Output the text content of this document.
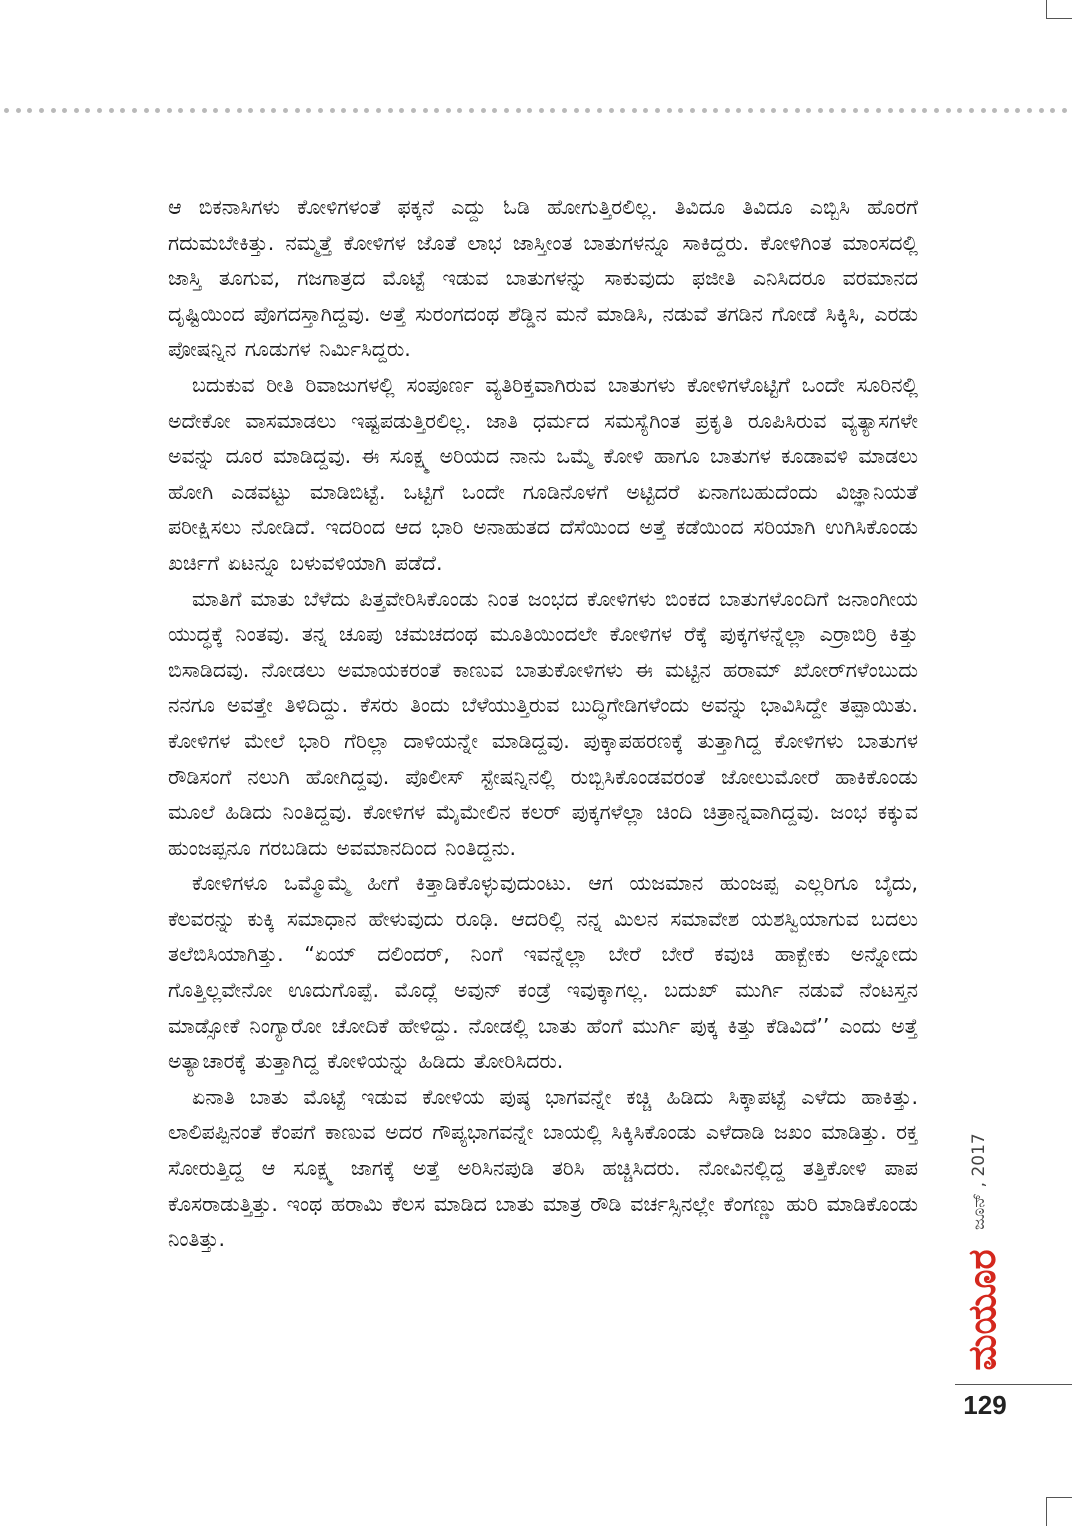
ಆ ಬಿಕನಾಸಿಗಳು ಕೋಳಿಗಳಂತೆ ಫಕ್ಕನೆ ಎದ್ದು ಓಡಿ ಹೋಗುತ್ತಿರಲಿಲ್ಲ. ತಿವಿದೂ ತಿವಿದೂ ಎಬ್ಬಿಸಿ ಹೊರಗೆ ಗದುಮಬೇಕಿತ್ತು. ನಮ್ಮತ್ತೆ ಕೋಳಿಗಳ ಜೊತೆ ಲಾಭ ಜಾಸ್ತೀಂತ ಬಾತುಗಳನ್ನೂ ಸಾಕಿದ್ದರು. ಕೋಳಿಗಿಂತ ಮಾಂಸದಲ್ಲಿ ಜಾಸ್ತಿ ತೂಗುವ, ಗಜಗಾತ್ರದ ಮೊಟ್ಟೆ ಇಡುವ ಬಾತುಗಳನ್ನು ಸಾಕುವುದು ಫಜೀತಿ ಎನಿಸಿದರೂ ವರಮಾನದ ದೃಷ್ಟಿಯಿಂದ ಪೊಗದಸ್ತಾಗಿದ್ದವು. ಅತ್ತೆ ಸುರಂಗದಂಥ ಶೆಡ್ಡಿನ ಮನೆ ಮಾಡಿಸಿ, ನಡುವೆ ತಗಡಿನ ಗೋಡೆ ಸಿಕ್ಕಿಸಿ, ಎರಡು ಪೋಷನ್ನಿನ ಗೂಡುಗಳ ನಿರ್ಮಿಸಿದ್ದರು.

ಬದುಕುವ ರೀತಿ ರಿವಾಜುಗಳಲ್ಲಿ ಸಂಪೂರ್ಣ ವ್ಯತಿರಿಕ್ತವಾಗಿರುವ ಬಾತುಗಳು ಕೋಳಿಗಳೊಟ್ಟಿಗೆ ಒಂದೇ ಸೂರಿನಲ್ಲಿ ಅದೇಕೋ ವಾಸಮಾಡಲು ಇಷ್ಟಪಡುತ್ತಿರಲಿಲ್ಲ. ಜಾತಿ ಧರ್ಮದ ಸಮಸ್ಯೆಗಿಂತ ಪ್ರಕೃತಿ ರೂಪಿಸಿರುವ ವ್ಯತ್ಯಾಸಗಳೇ ಅವನ್ನು ದೂರ ಮಾಡಿದ್ದವು. ಈ ಸೂಕ್ಷ್ಮ ಅರಿಯದ ನಾನು ಒಮ್ಮೆ ಕೋಳಿ ಹಾಗೂ ಬಾತುಗಳ ಕೂಡಾವಳಿ ಮಾಡಲು ಹೋಗಿ ಎಡವಟ್ಟು ಮಾಡಿಬಿಟ್ಟೆ. ಒಟ್ಟಿಗೆ ಒಂದೇ ಗೂಡಿನೊಳಗೆ ಅಟ್ಟಿದರೆ ಏನಾಗಬಹುದೆಂದು ವಿಜ್ಞಾನಿಯತೆ ಪರೀಕ್ಷಿಸಲು ನೋಡಿದೆ. ಇದರಿಂದ ಆದ ಭಾರಿ ಅನಾಹುತದ ದೆಸೆಯಿಂದ ಅತ್ತೆ ಕಡೆಯಿಂದ ಸರಿಯಾಗಿ ಉಗಿಸಿಕೊಂಡು ಖರ್ಚಿಗೆ ಏಟನ್ನೂ ಬಳುವಳಿಯಾಗಿ ಪಡೆದೆ.

ಮಾತಿಗೆ ಮಾತು ಬೆಳೆದು ಪಿತ್ತವೇರಿಸಿಕೊಂಡು ನಿಂತ ಜಂಭದ ಕೋಳಿಗಳು ಬಿಂಕದ ಬಾತುಗಳೊಂದಿಗೆ ಜನಾಂಗೀಯ ಯುದ್ಧಕ್ಕೆ ನಿಂತವು. ತನ್ನ ಚೂಪು ಚಮಚದಂಥ ಮೂತಿಯಿಂದಲೇ ಕೋಳಿಗಳ ರೆಕ್ಕೆ ಪುಕ್ಕಗಳನ್ನೆಲ್ಲಾ ಎರ್ರಾಬಿರ್ರಿ ಕಿತ್ತು ಬಿಸಾಡಿದವು. ನೋಡಲು ಅಮಾಯಕರಂತೆ ಕಾಣುವ ಬಾತುಕೋಳಿಗಳು ಈ ಮಟ್ಟಿನ ಹರಾಮ್ ಖೋರ್‌ಗಳೆಂಬುದು ನನಗೂ ಅವತ್ತೇ ತಿಳಿದಿದ್ದು. ಕೆಸರು ತಿಂದು ಬೆಳೆಯುತ್ತಿರುವ ಬುದ್ಧಿಗೇಡಿಗಳೆಂದು ಅವನ್ನು ಭಾವಿಸಿದ್ದೇ ತಪ್ಪಾಯಿತು. ಕೋಳಿಗಳ ಮೇಲೆ ಭಾರಿ ಗೆರಿಲ್ಲಾ ದಾಳಿಯನ್ನೇ ಮಾಡಿದ್ದವು. ಪುಕ್ಕಾಪಹರಣಕ್ಕೆ ತುತ್ತಾಗಿದ್ದ ಕೋಳಿಗಳು ಬಾತುಗಳ ರೌಡಿಸಂಗೆ ನಲುಗಿ ಹೋಗಿದ್ದವು. ಪೊಲೀಸ್ ಸ್ಟೇಷನ್ನಿನಲ್ಲಿ ರುಬ್ಬಿಸಿಕೊಂಡವರಂತೆ ಜೋಲುಮೋರೆ ಹಾಕಿಕೊಂಡು ಮೂಲೆ ಹಿಡಿದು ನಿಂತಿದ್ದವು. ಕೋಳಿಗಳ ಮೈಮೇಲಿನ ಕಲರ್ ಪುಕ್ಕಗಳೆಲ್ಲಾ ಚಿಂದಿ ಚಿತ್ರಾನ್ನವಾಗಿದ್ದವು. ಜಂಭ ಕಕ್ಕುವ ಹುಂಜಪ್ಪನೂ ಗರಬಡಿದು ಅವಮಾನದಿಂದ ನಿಂತಿದ್ದನು.

ಕೋಳಿಗಳೂ ಒಮ್ಮೊಮ್ಮೆ ಹೀಗೆ ಕಿತ್ತಾಡಿಕೊಳ್ಳುವುದುಂಟು. ಆಗ ಯಜಮಾನ ಹುಂಜಪ್ಪ ಎಲ್ಲರಿಗೂ ಬೈದು, ಕೆಲವರನ್ನು ಕುಕ್ಕಿ ಸಮಾಧಾನ ಹೇಳುವುದು ರೂಢಿ. ಆದರಿಲ್ಲಿ ನನ್ನ ಮಿಲನ ಸಮಾವೇಶ ಯಶಸ್ವಿಯಾಗುವ ಬದಲು ತಲೆಬಿಸಿಯಾಗಿತ್ತು. “ಏಯ್ ದಲಿಂದರ್, ನಿಂಗೆ ಇವನ್ನೆಲ್ಲಾ ಬೇರೆ ಬೇರೆ ಕವುಚಿ ಹಾಕ್ಬೇಕು ಅನ್ನೋದು ಗೊತ್ತಿಲ್ಲವೇನೋ ಊದುಗೊಪ್ಪೆ. ಮೊದ್ಲೆ ಅವುನ್ ಕಂಡ್ರೆ ಇವುಕ್ಕಾಗಲ್ಲ. ಬದುಖ್ ಮುರ್ಗಿ ನಡುವೆ ನೆಂಟಸ್ತನ ಮಾಡ್ಸೋಕೆ ನಿಂಗ್ಯಾರೋ ಚೋದಿಕೆ ಹೇಳಿದ್ದು. ನೋಡಲ್ಲಿ ಬಾತು ಹೆಂಗೆ ಮುರ್ಗಿ ಪುಕ್ಕ ಕಿತ್ತು ಕೆಡಿವಿದೆ’’ ಎಂದು ಅತ್ತೆ ಅತ್ಯಾಚಾರಕ್ಕೆ ತುತ್ತಾಗಿದ್ದ ಕೋಳಿಯನ್ನು ಹಿಡಿದು ತೋರಿಸಿದರು.

ಏನಾತಿ ಬಾತು ಮೊಟ್ಟೆ ಇಡುವ ಕೋಳಿಯ ಪುಷ್ಠ ಭಾಗವನ್ನೇ ಕಚ್ಚಿ ಹಿಡಿದು ಸಿಕ್ಕಾಪಟ್ಟೆ ಎಳೆದು ಹಾಕಿತ್ತು. ಲಾಲಿಪಪ್ಪಿನಂತೆ ಕೆಂಪಗೆ ಕಾಣುವ ಅದರ ಗೌಪ್ಯಭಾಗವನ್ನೇ ಬಾಯಲ್ಲಿ ಸಿಕ್ಕಿಸಿಕೊಂಡು ಎಳೆದಾಡಿ ಜಖಂ ಮಾಡಿತ್ತು. ರಕ್ತ ಸೋರುತ್ತಿದ್ದ ಆ ಸೂಕ್ಷ್ಮ ಜಾಗಕ್ಕೆ ಅತ್ತೆ ಅರಿಸಿನಪುಡಿ ತರಿಸಿ ಹಚ್ಚಿಸಿದರು. ನೋವಿನಲ್ಲಿದ್ದ ತತ್ತಿಕೋಳಿ ಪಾಪ ಕೊಸರಾಡುತ್ತಿತ್ತು. ಇಂಥ ಹರಾಮಿ ಕೆಲಸ ಮಾಡಿದ ಬಾತು ಮಾತ್ರ ರೌಡಿ ವರ್ಚಸ್ಸಿನಲ್ಲೇ ಕೆಂಗಣ್ಣು ಹುರಿ ಮಾಡಿಕೊಂಡು ನಿಂತಿತ್ತು.

ಜೂನ್ , 2017
ಮಯೂರ
129
